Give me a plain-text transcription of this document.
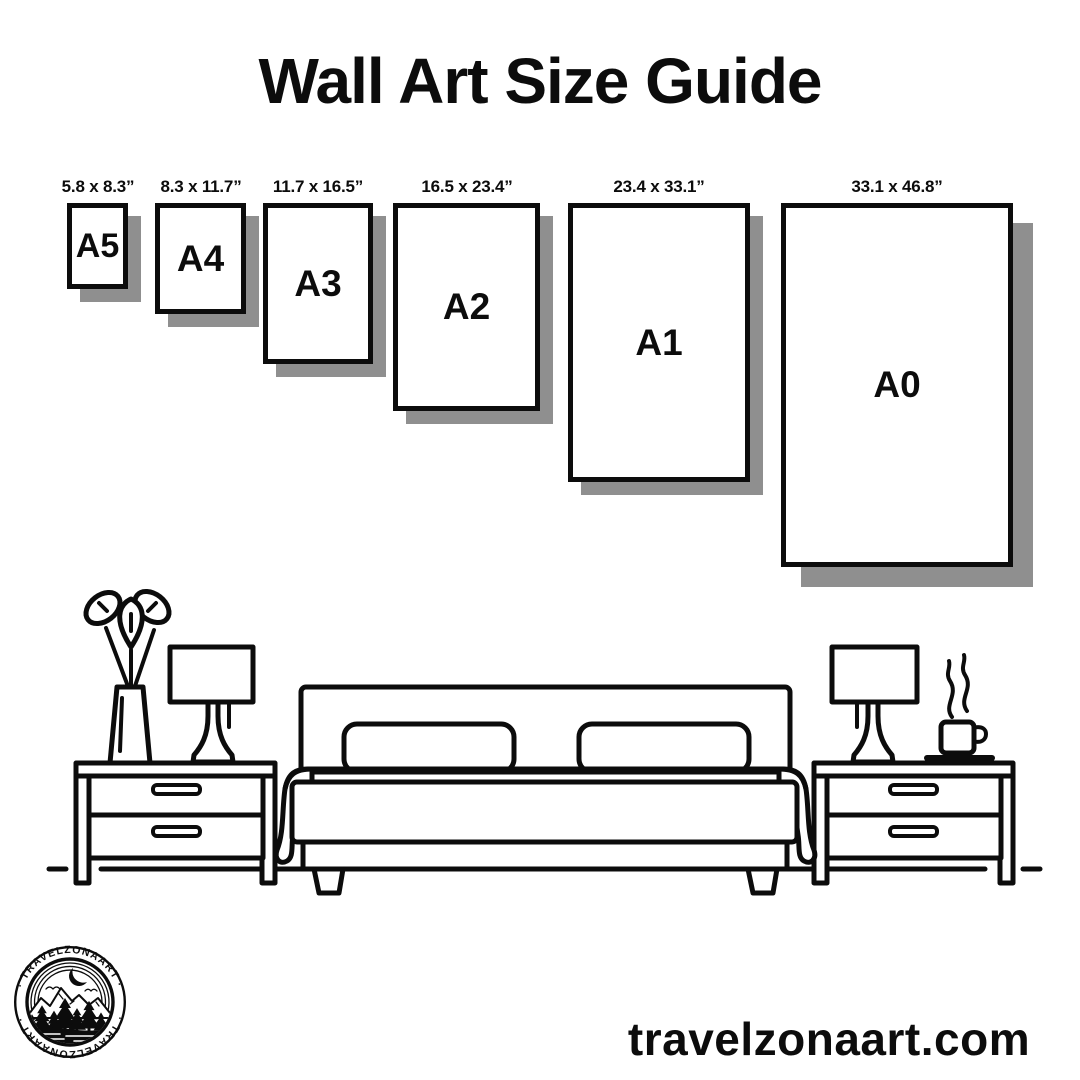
Wall Art Size Guide
5.8 x 8.3” 8.3 x 11.7” 11.7 x 16.5”	16.5 x 23.4”	23.4 x 33.1”	33.1 x 46.8”
A5 A4
A3
A2
A1
A0
· TRAVELZONAART ·
· TRAVELZONAART ·	travelzonaart.com
